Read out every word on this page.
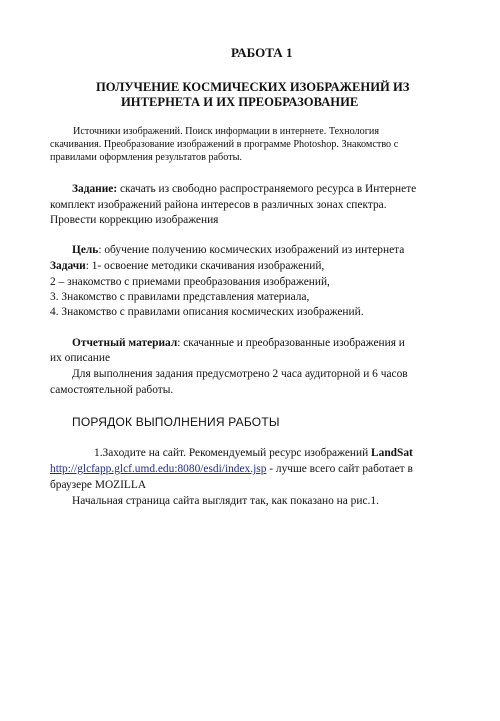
РАБОТА 1
ПОЛУЧЕНИЕ КОСМИЧЕСКИХ ИЗОБРАЖЕНИЙ ИЗ
ИНТЕРНЕТА И ИХ ПРЕОБРАЗОВАНИЕ
Источники изображений. Поиск информации в интернете. Технология
скачивания. Преобразование изображений в программе Photoshop. Знакомство с
правилами оформления результатов работы.
Задание: скачать из свободно распространяемого ресурса в Интернете
комплект изображений района интересов в различных зонах спектра.
Провести коррекцию изображения
Цель: обучение получению космических изображений из интернета
Задачи: 1- освоение методики скачивания изображений,
2 – знакомство с приемами преобразования изображений,
3. Знакомство с правилами представления материала,
4. Знакомство с правилами описания космических изображений.
Отчетный материал: скачанные и преобразованные изображения и
их описание
Для выполнения задания предусмотрено 2 часа аудиторной и 6 часов
самостоятельной работы.
ПОРЯДОК ВЫПОЛНЕНИЯ РАБОТЫ
1.Заходите на сайт. Рекомендуемый ресурс изображений LandSat
http://glcfapp.glcf.umd.edu:8080/esdi/index.jsp - лучше всего сайт работает в
браузере MOZILLA
Начальная страница сайта выглядит так, как показано на рис.1.
